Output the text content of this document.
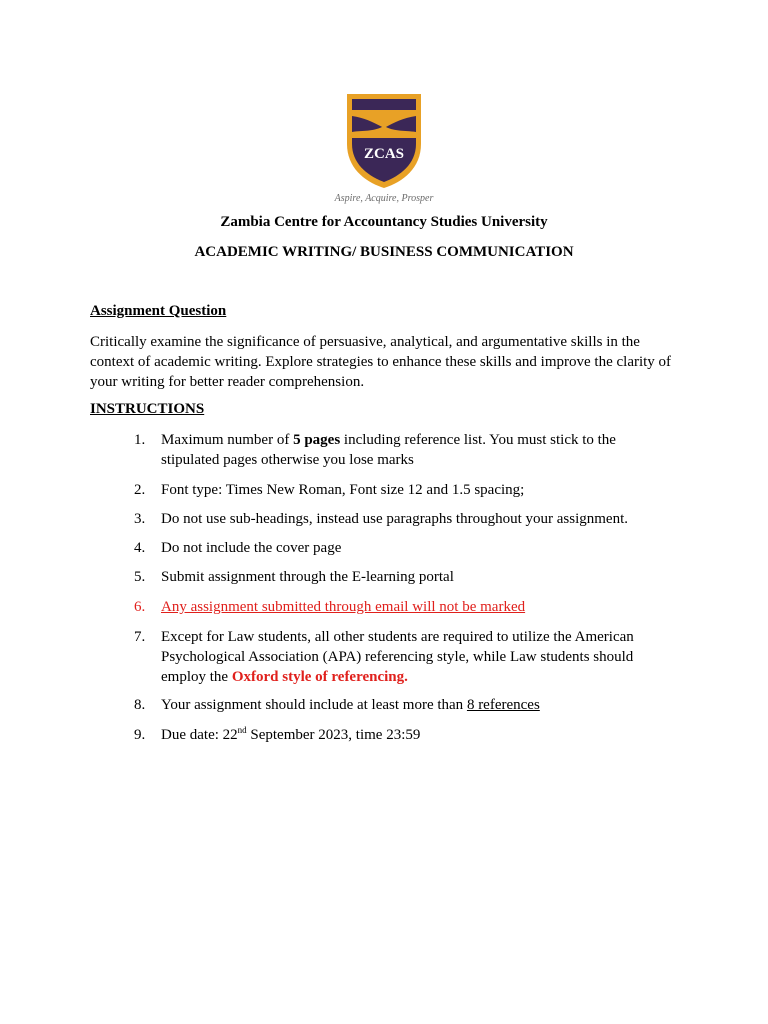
ZCAS
Aspire, Acquire, Prosper
Zambia Centre for Accountancy Studies University
ACADEMIC WRITING/ BUSINESS COMMUNICATION
Assignment Question
Critically examine the significance of persuasive, analytical, and argumentative skills in the
context of academic writing. Explore strategies to enhance these skills and improve the clarity of
your writing for better reader comprehension.
INSTRUCTIONS
1.	Maximum number of 5 pages including reference list. You must stick to the
stipulated pages otherwise you lose marks
2.	Font type: Times New Roman, Font size 12 and 1.5 spacing;
3.	Do not use sub-headings, instead use paragraphs throughout your assignment.
4.	Do not include the cover page
5.	Submit assignment through the E-learning portal
6.	Any assignment submitted through email will not be marked
7.	Except for Law students, all other students are required to utilize the American
Psychological Association (APA) referencing style, while Law students should
employ the Oxford style of referencing.
8.	Your assignment should include at least more than 8 references
9.	Due date: 22nd September 2023, time 23:59
